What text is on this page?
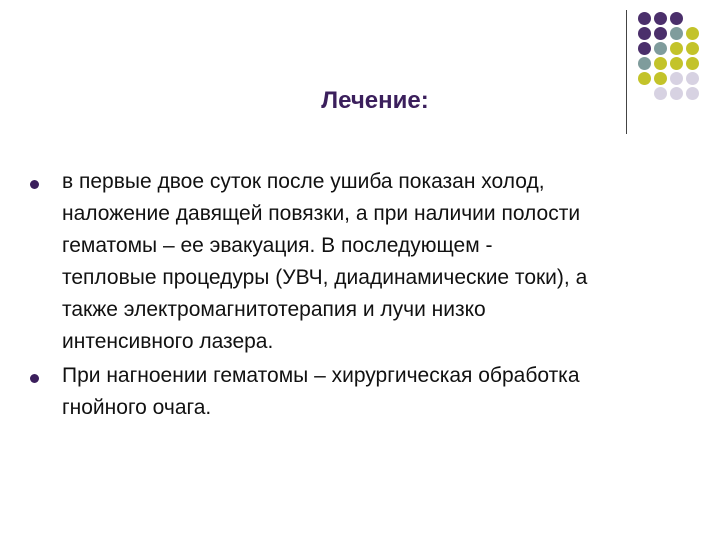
Лечение:
в первые двое суток после ушиба показан холод, наложение давящей повязки, а при наличии полости гематомы – ее эвакуация. В последующем - тепловые процедуры (УВЧ, диадинамические токи), а также электромагнитотерапия и лучи низко интенсивного лазера.
При нагноении гематомы – хирургическая обработка гнойного очага.
